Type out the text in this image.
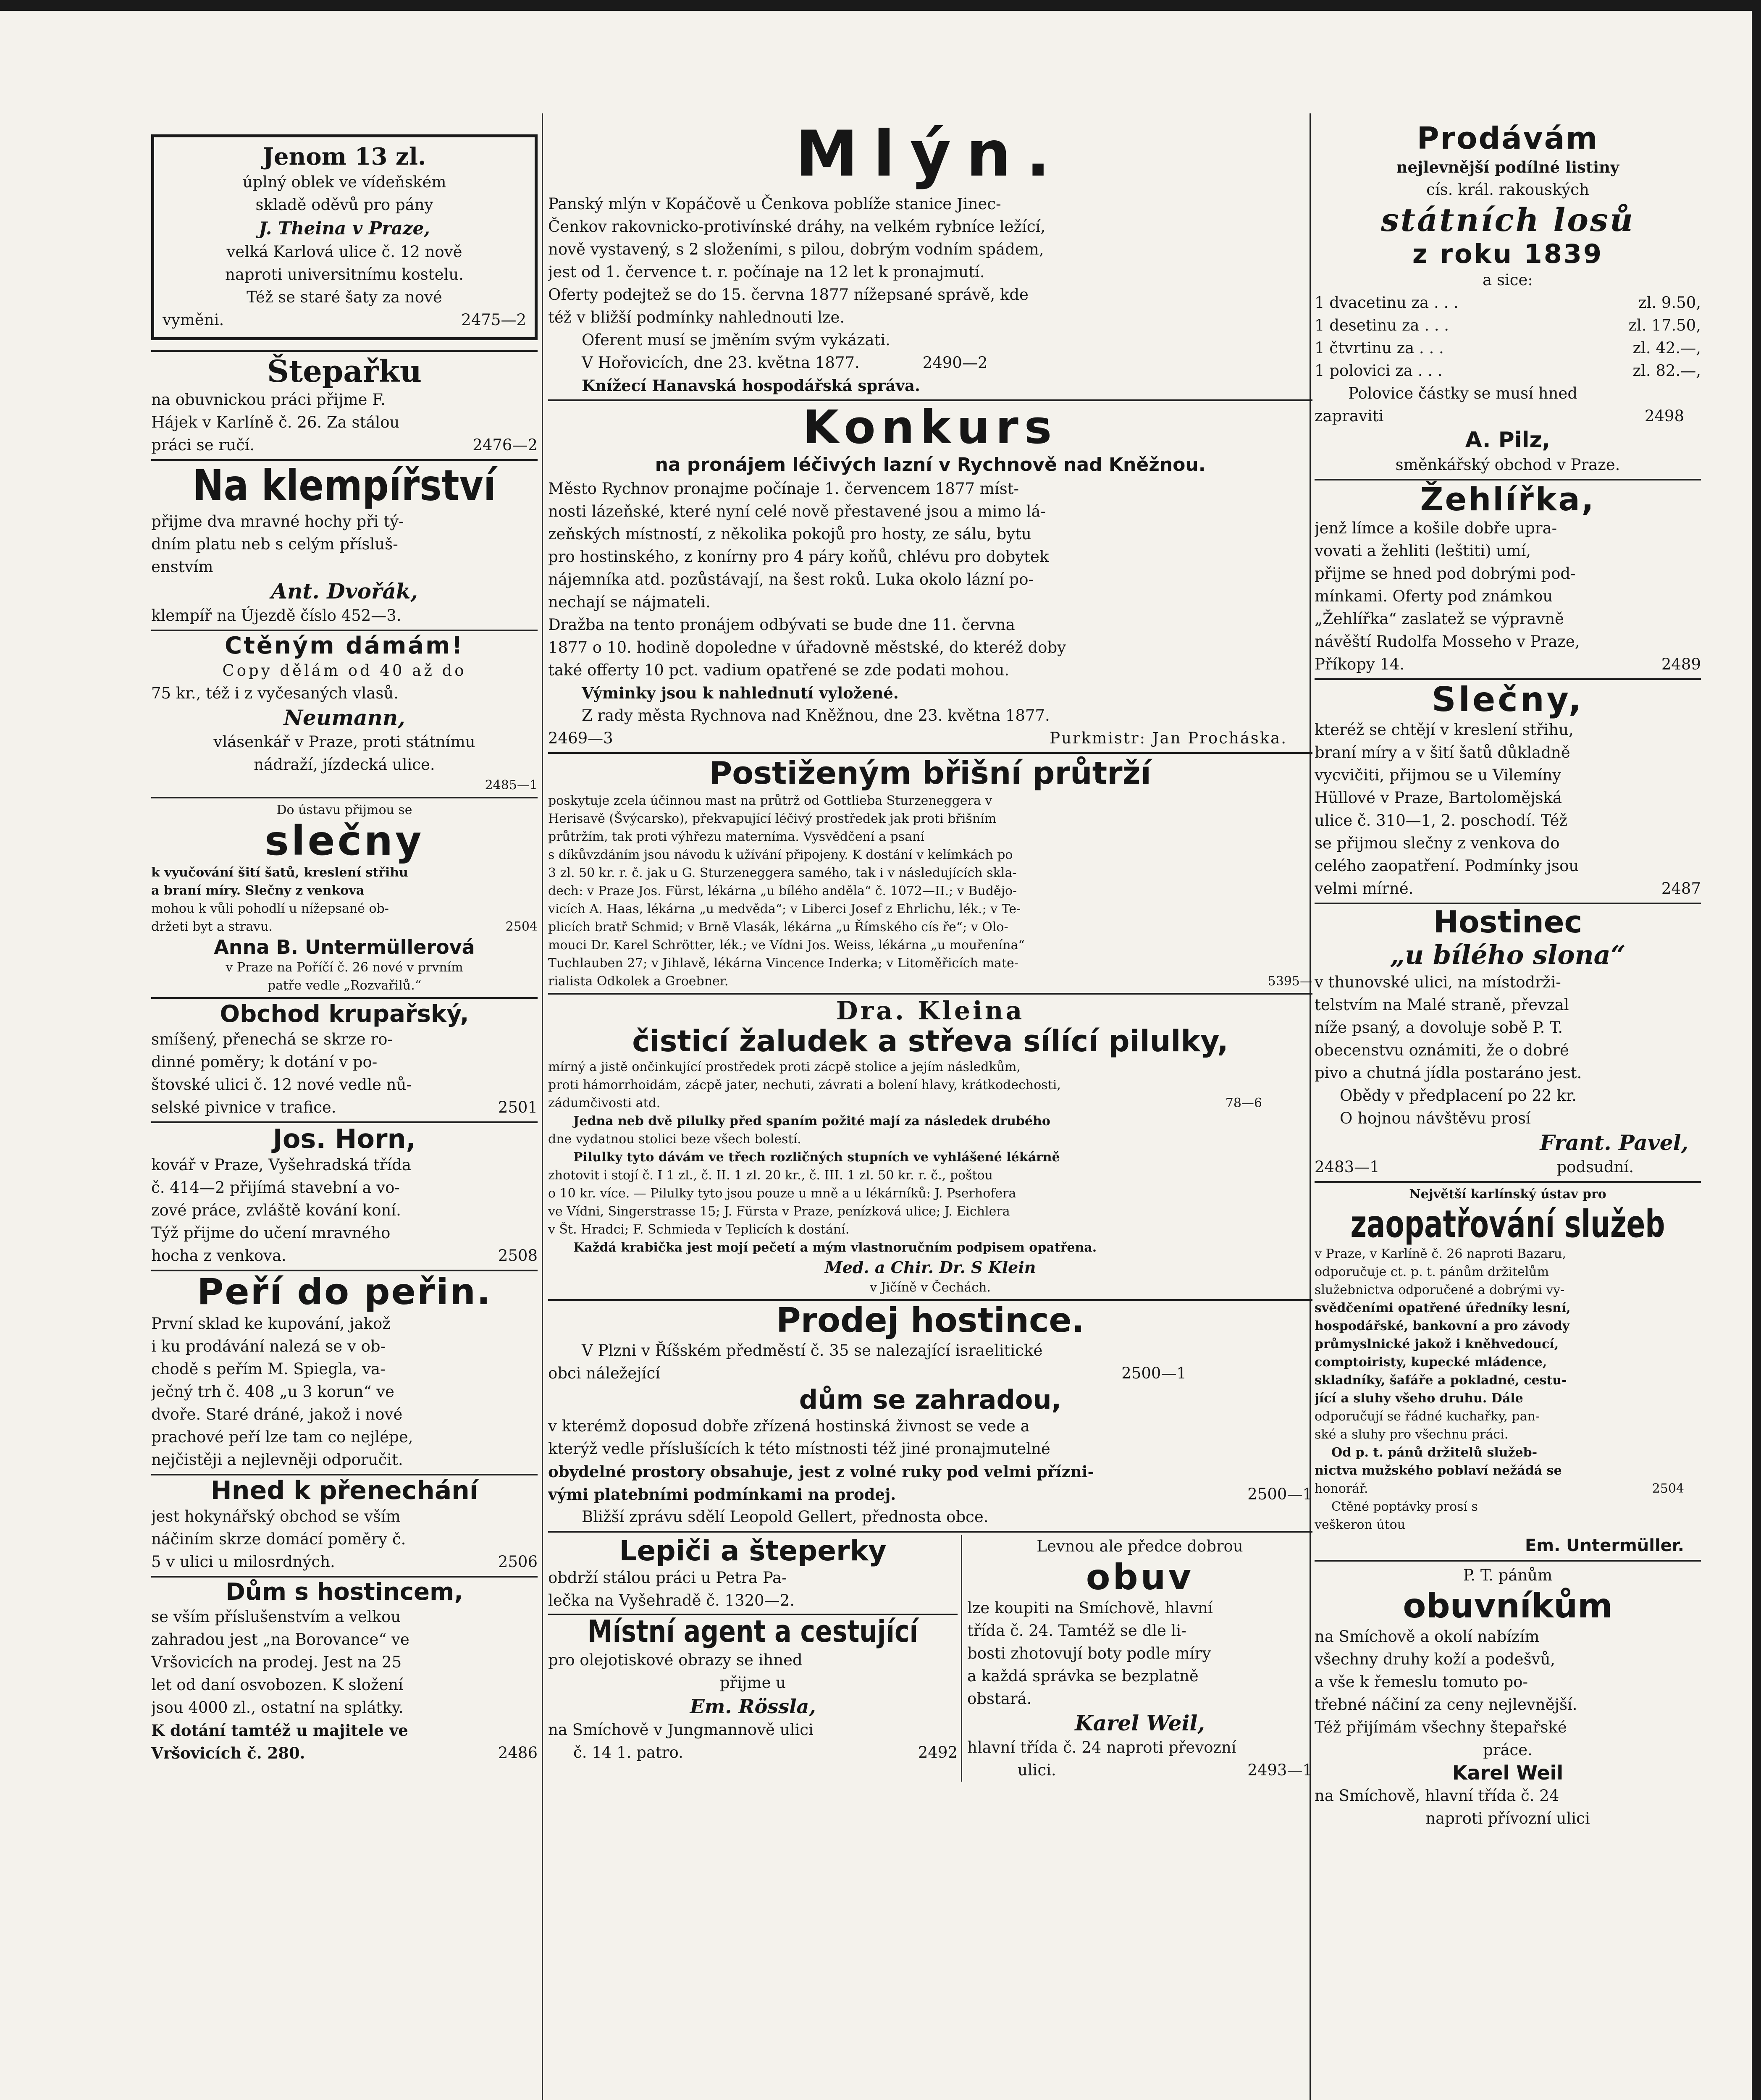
Jenom 13 zl.

úplný oblek ve vídeňském

skladě oděvů pro pány

J. Theina v Praze,

velká Karlová ulice č. 12 nově

naproti universitnímu kostelu.

Též se staré šaty za nové

vyměni.	2475—2

Štepařku

na obuvnickou práci přijme F.

Hájek v Karlíně č. 26. Za stálou

práci se ručí.	2476—2

Na klempířství

přijme dva mravné hochy při tý-

dním platu neb s celým přísluš-

enstvím

Ant. Dvořák,

klempíř na Újezdě číslo 452—3.

Ctěným dámám!

Copy dělám od 40 až do

75 kr., též i z vyčesaných vlasů.

Neumann,

vlásenkář v Praze, proti státnímu

nádraží, jízdecká ulice.

2485—1

Do ústavu přijmou se

slečny

k vyučování šití šatů, kreslení střihu

a braní míry. Slečny z venkova

mohou k vůli pohodlí u nížepsané ob-

držeti byt a stravu.	2504

Anna B. Untermüllerová

v Praze na Poříčí č. 26 nové v prvním

patře vedle „Rozvařilů.“

Obchod krupařský,

smíšený, přenechá se skrze ro-

dinné poměry; k dotání v po-

štovské ulici č. 12 nové vedle nů-

selské pivnice v trafice.	2501

Jos. Horn,

kovář v Praze, Vyšehradská třída

č. 414—2 přijímá stavební a vo-

zové práce, zvláště kování koní.

Týž přijme do učení mravného

hocha z venkova.	2508

Peří do peřin.

První sklad ke kupování, jakož

i ku prodávání nalezá se v ob-

chodě s peřím M. Spiegla, va-

ječný trh č. 408 „u 3 korun“ ve

dvoře. Staré dráné, jakož i nové

prachové peří lze tam co nejlépe,

nejčistěji a nejlevněji odporučit.

Hned k přenechání

jest hokynářský obchod se vším

náčiním skrze domácí poměry č.

5 v ulici u milosrdných.	2506

Dům s hostincem,

se vším příslušenstvím a velkou

zahradou jest „na Borovance“ ve

Vršovicích na prodej. Jest na 25

let od daní osvobozen. K složení

jsou 4000 zl., ostatní na splátky.

K dotání tamtéž u majitele ve

Vršovicích č. 280.	2486

Mlýn.

Panský mlýn v Kopáčově u Čenkova poblíže stanice Jinec-

Čenkov rakovnicko-protivínské dráhy, na velkém rybníce ležící,

nově vystavený, s 2 složeními, s pilou, dobrým vodním spádem,

jest od 1. července t. r. počínaje na 12 let k pronajmutí.

Oferty podejtež se do 15. června 1877 nížepsané správě, kde

též v bližší podmínky nahlednouti lze.

Oferent musí se jměním svým vykázati.

V Hořovicích, dne 23. května 1877.	2490—2

Knížecí Hanavská hospodářská správa.

Konkurs

na pronájem léčivých lazní v Rychnově nad Kněžnou.

Město Rychnov pronajme počínaje 1. červencem 1877 míst-

nosti lázeňské, které nyní celé nově přestavené jsou a mimo lá-

zeňských místností, z několika pokojů pro hosty, ze sálu, bytu

pro hostinského, z konírny pro 4 páry koňů, chlévu pro dobytek

nájemníka atd. pozůstávají, na šest roků. Luka okolo lázní po-

nechají se nájmateli.

Dražba na tento pronájem odbývati se bude dne 11. června

1877 o 10. hodině dopoledne v úřadovně městské, do kteréž doby

také offerty 10 pct. vadium opatřené se zde podati mohou.

Výminky jsou k nahlednutí vyložené.

Z rady města Rychnova nad Kněžnou, dne 23. května 1877.

2469—3	Purkmistr: Jan Procháska.

Postiženým břišní průtrží

poskytuje zcela účinnou mast na průtrž od Gottlieba Sturzeneggera v

Herisavě (Švýcarsko), překvapující léčivý prostředek jak proti břišním

průtržím, tak proti výhřezu materníma. Vysvědčení a psaní

s díkůvzdáním jsou návodu k užívání připojeny. K dostání v kelímkách po

3 zl. 50 kr. r. č. jak u G. Sturzeneggera samého, tak i v následujících skla-

dech: v Praze Jos. Fürst, lékárna „u bílého anděla“ č. 1072—II.; v Budějo-

vicích A. Haas, lékárna „u medvěda“; v Liberci Josef z Ehrlichu, lék.; v Te-

plicích bratř Schmid; v Brně Vlasák, lékárna „u Římského cís ře“; v Olo-

mouci Dr. Karel Schrötter, lék.; ve Vídni Jos. Weiss, lékárna „u mouřenína“

Tuchlauben 27; v Jihlavě, lékárna Vincence Inderka; v Litoměřicích mate-

rialista Odkolek a Groebner.	5395—

Dra. Kleina

čisticí žaludek a střeva sílící pilulky,

mírný a jistě ončinkující prostředek proti zácpě stolice a jejím následkům,

proti hámorrhoidám, zácpě jater, nechuti, závrati a bolení hlavy, krátkodechosti,

zádumčivosti atd.	78—6

Jedna neb dvě pilulky před spaním požité mají za následek drubého

dne vydatnou stolici beze všech bolestí.

Pilulky tyto dávám ve třech rozličných stupních ve vyhlášené lékárně

zhotovit i stojí č. I 1 zl., č. II. 1 zl. 20 kr., č. III. 1 zl. 50 kr. r. č., poštou

o 10 kr. více. — Pilulky tyto jsou pouze u mně a u lékárníků: J. Pserhofera

ve Vídni, Singerstrasse 15; J. Fürsta v Praze, penízková ulice; J. Eichlera

v Št. Hradci; F. Schmieda v Teplicích k dostání.

Každá krabička jest mojí pečetí a mým vlastnoručním podpisem opatřena.

Med. a Chir. Dr. S Klein

v Jičíně v Čechách.

Prodej hostince.

V Plzni v Říšském předměstí č. 35 se nalezající israelitické

obci náležející	2500—1

dům se zahradou,

v kterémž doposud dobře zřízená hostinská živnost se vede a

kterýž vedle příslušících k této místnosti též jiné pronajmutelné

obydelné prostory obsahuje, jest z volné ruky pod velmi přízni-

vými platebními podmínkami na prodej.	2500—1

Bližší zprávu sdělí Leopold Gellert, přednosta obce.

Lepiči a šteperky

obdrží stálou práci u Petra Pa-

lečka na Vyšehradě č. 1320—2.

Místní agent a cestující

pro olejotiskové obrazy se ihned

přijme u

Em. Rössla,

na Smíchově v Jungmannově ulici

č. 14 1. patro.	2492

Levnou ale předce dobrou

obuv

lze koupiti na Smíchově, hlavní

třída č. 24. Tamtéž se dle li-

bosti zhotovují boty podle míry

a každá správka se bezplatně

obstará.

Karel Weil,

hlavní třída č. 24 naproti převozní

ulici.	2493—1

Prodávám

nejlevnější podílné listiny

cís. král. rakouských

státních losů

z roku 1839

a sice:

1 dvacetinu za . . .	zl. 9.50,
1 desetinu za . . .	zl. 17.50,
1 čtvrtinu za . . .	zl. 42.—,
1 polovici za . . .	zl. 82.—,

Polovice částky se musí hned

zapraviti	2498

A. Pilz,

směnkářský obchod v Praze.

Žehlířka,

jenž límce a košile dobře upra-

vovati a žehliti (leštiti) umí,

přijme se hned pod dobrými pod-

mínkami. Oferty pod známkou

„Žehlířka“ zaslatež se výpravně

návěští Rudolfa Mosseho v Praze,

Příkopy 14.	2489

Slečny,

kteréž se chtějí v kreslení střihu,

braní míry a v šití šatů důkladně

vycvičiti, přijmou se u Vilemíny

Hüllové v Praze, Bartolomějská

ulice č. 310—1, 2. poschodí. Též

se přijmou slečny z venkova do

celého zaopatření. Podmínky jsou

velmi mírné.	2487

Hostinec

„u bílého slona“

v thunovské ulici, na místodrži-

telstvím na Malé straně, převzal

níže psaný, a dovoluje sobě P. T.

obecenstvu oznámiti, že o dobré

pivo a chutná jídla postaráno jest.

Obědy v předplacení po 22 kr.

O hojnou návštěvu prosí

Frant. Pavel,

2483—1	podsudní.

Největší karlínský ústav pro

zaopatřování služeb

v Praze, v Karlíně č. 26 naproti Bazaru,

odporučuje ct. p. t. pánům držitelům

služebnictva odporučené a dobrými vy-

svědčeními opatřené úředníky lesní,

hospodářské, bankovní a pro závody

průmyslnické jakož i kněhvedoucí,

comptoiristy, kupecké mládence,

skladníky, šafáře a pokladné, cestu-

jící a sluhy všeho druhu. Dále

odporučují se řádné kuchařky, pan-

ské a sluhy pro všechnu práci.

Od p. t. pánů držitelů služeb-

nictva mužského poblaví nežádá se

honorář.	2504

Ctěné poptávky prosí s

veškeron útou

Em. Untermüller.

P. T. pánům

obuvníkům

na Smíchově a okolí nabízím

všechny druhy koží a podešvů,

a vše k řemeslu tomuto po-

třebné náčiní za ceny nejlevnější.

Též přijímám všechny štepařské

práce.

Karel Weil

na Smíchově, hlavní třída č. 24

naproti přívozní ulici
